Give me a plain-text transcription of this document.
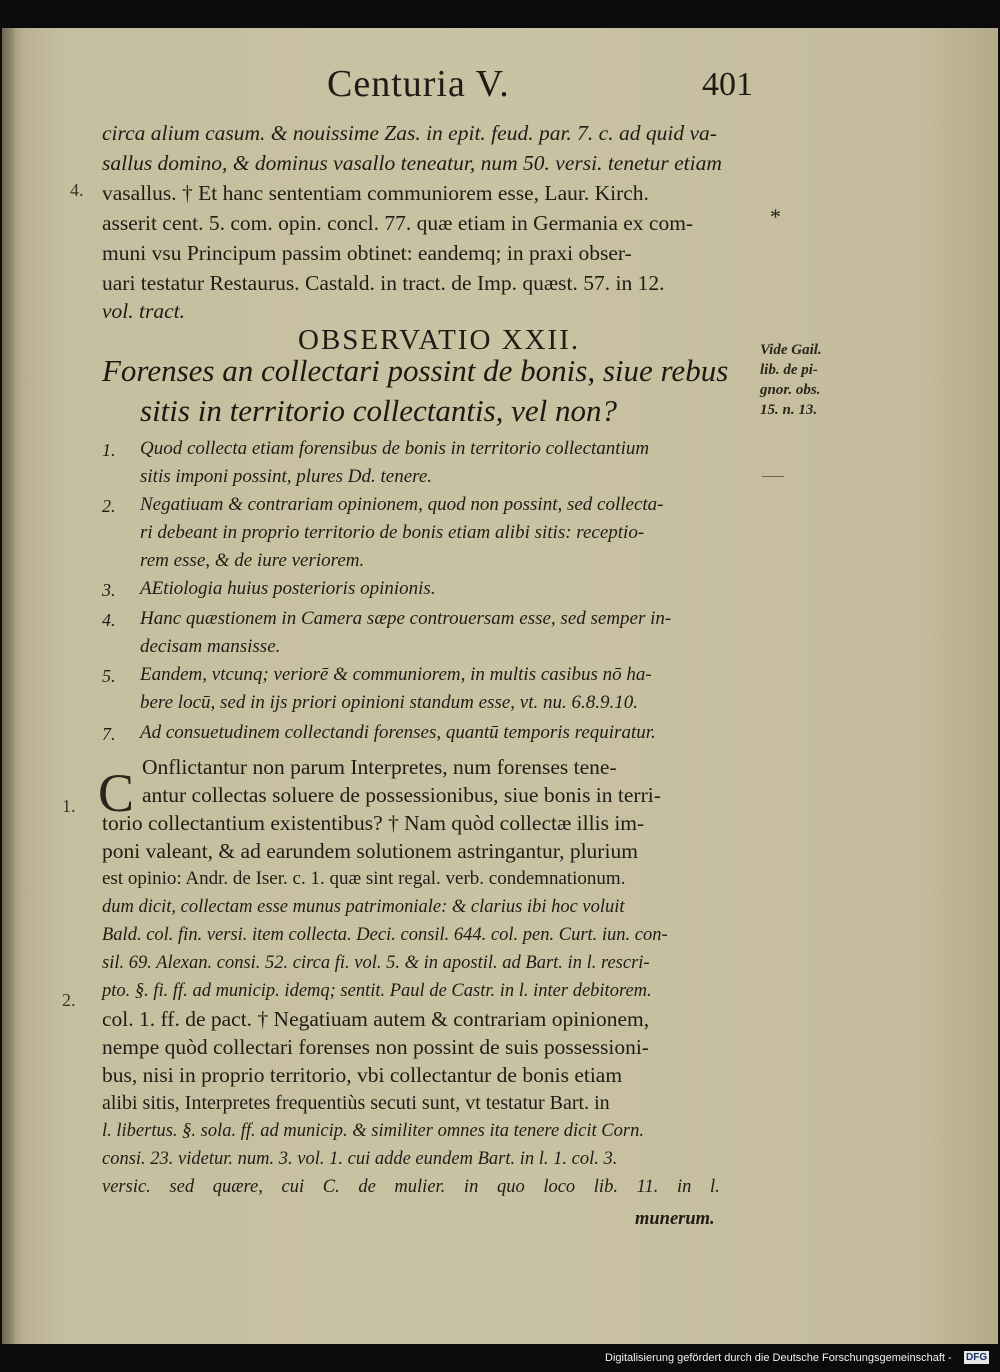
Centuria V.	401
circa alium casum. & nouissime Zas. in epit. feud. par. 7. c. ad quid va-
sallus domino, & dominus vasallo teneatur, num 50. versi. tenetur etiam
4. vasallus. † Et hanc sententiam communiorem esse, Laur. Kirch.
asserit cent. 5. com. opin. concl. 77. quæ etiam in Germania ex com-	*
muni vsu Principum passim obtinet: eandemq; in praxi obser-
uari testatur Restaurus. Castald. in tract. de Imp. quæst. 57. in 12.
vol. tract.
OBSERVATIO XXII.
Forenses an collectari possint de bonis, siue rebus
sitis in territorio collectantis, vel non?
Vide Gail.
lib. de pi-
gnor. obs.
15. n. 13.
1. Quod collecta etiam forensibus de bonis in territorio collectantium
sitis imponi possint, plures Dd. tenere.
2. Negatiuam & contrariam opinionem, quod non possint, sed collecta-
ri debeant in proprio territorio de bonis etiam alibi sitis: receptio-
rem esse, & de iure veriorem.
3. AEtiologia huius posterioris opinionis.
4. Hanc quæstionem in Camera sæpe controuersam esse, sed semper in-
decisam mansisse.
5. Eandem, vtcunq; veriorē & communiorem, in multis casibus nō ha-
bere locū, sed in ijs priori opinioni standum esse, vt. nu. 6.8.9.10.
7. Ad consuetudinem collectandi forenses, quantū temporis requiratur.
C Onflictantur non parum Interpretes, num forenses tene-
antur collectas soluere de possessionibus, siue bonis in terri-
1.
torio collectantium existentibus? † Nam quòd collectæ illis im-
poni valeant, & ad earundem solutionem astringantur, plurium
est opinio: Andr. de Iser. c. 1. quæ sint regal. verb. condemnationum.
dum dicit, collectam esse munus patrimoniale: & clarius ibi hoc voluit
Bald. col. fin. versi. item collecta. Deci. consil. 644. col. pen. Curt. iun. con-
sil. 69. Alexan. consi. 52. circa fi. vol. 5. & in apostil. ad Bart. in l. rescri-
pto. §. fi. ff. ad municip. idemq; sentit. Paul de Castr. in l. inter debitorem.
2.
col. 1. ff. de pact. † Negatiuam autem & contrariam opinionem,
nempe quòd collectari forenses non possint de suis possessioni-
bus, nisi in proprio territorio, vbi collectantur de bonis etiam
alibi sitis, Interpretes frequentiùs secuti sunt, vt testatur Bart. in
l. libertus. §. sola. ff. ad municip. & similiter omnes ita tenere dicit Corn.
consi. 23. videtur. num. 3. vol. 1. cui adde eundem Bart. in l. 1. col. 3.
versic. sed quære, cui C. de mulier. in quo loco lib. 11. in l.
munerum.
Digitalisierung gefördert durch die Deutsche Forschungsgemeinschaft - DFG
